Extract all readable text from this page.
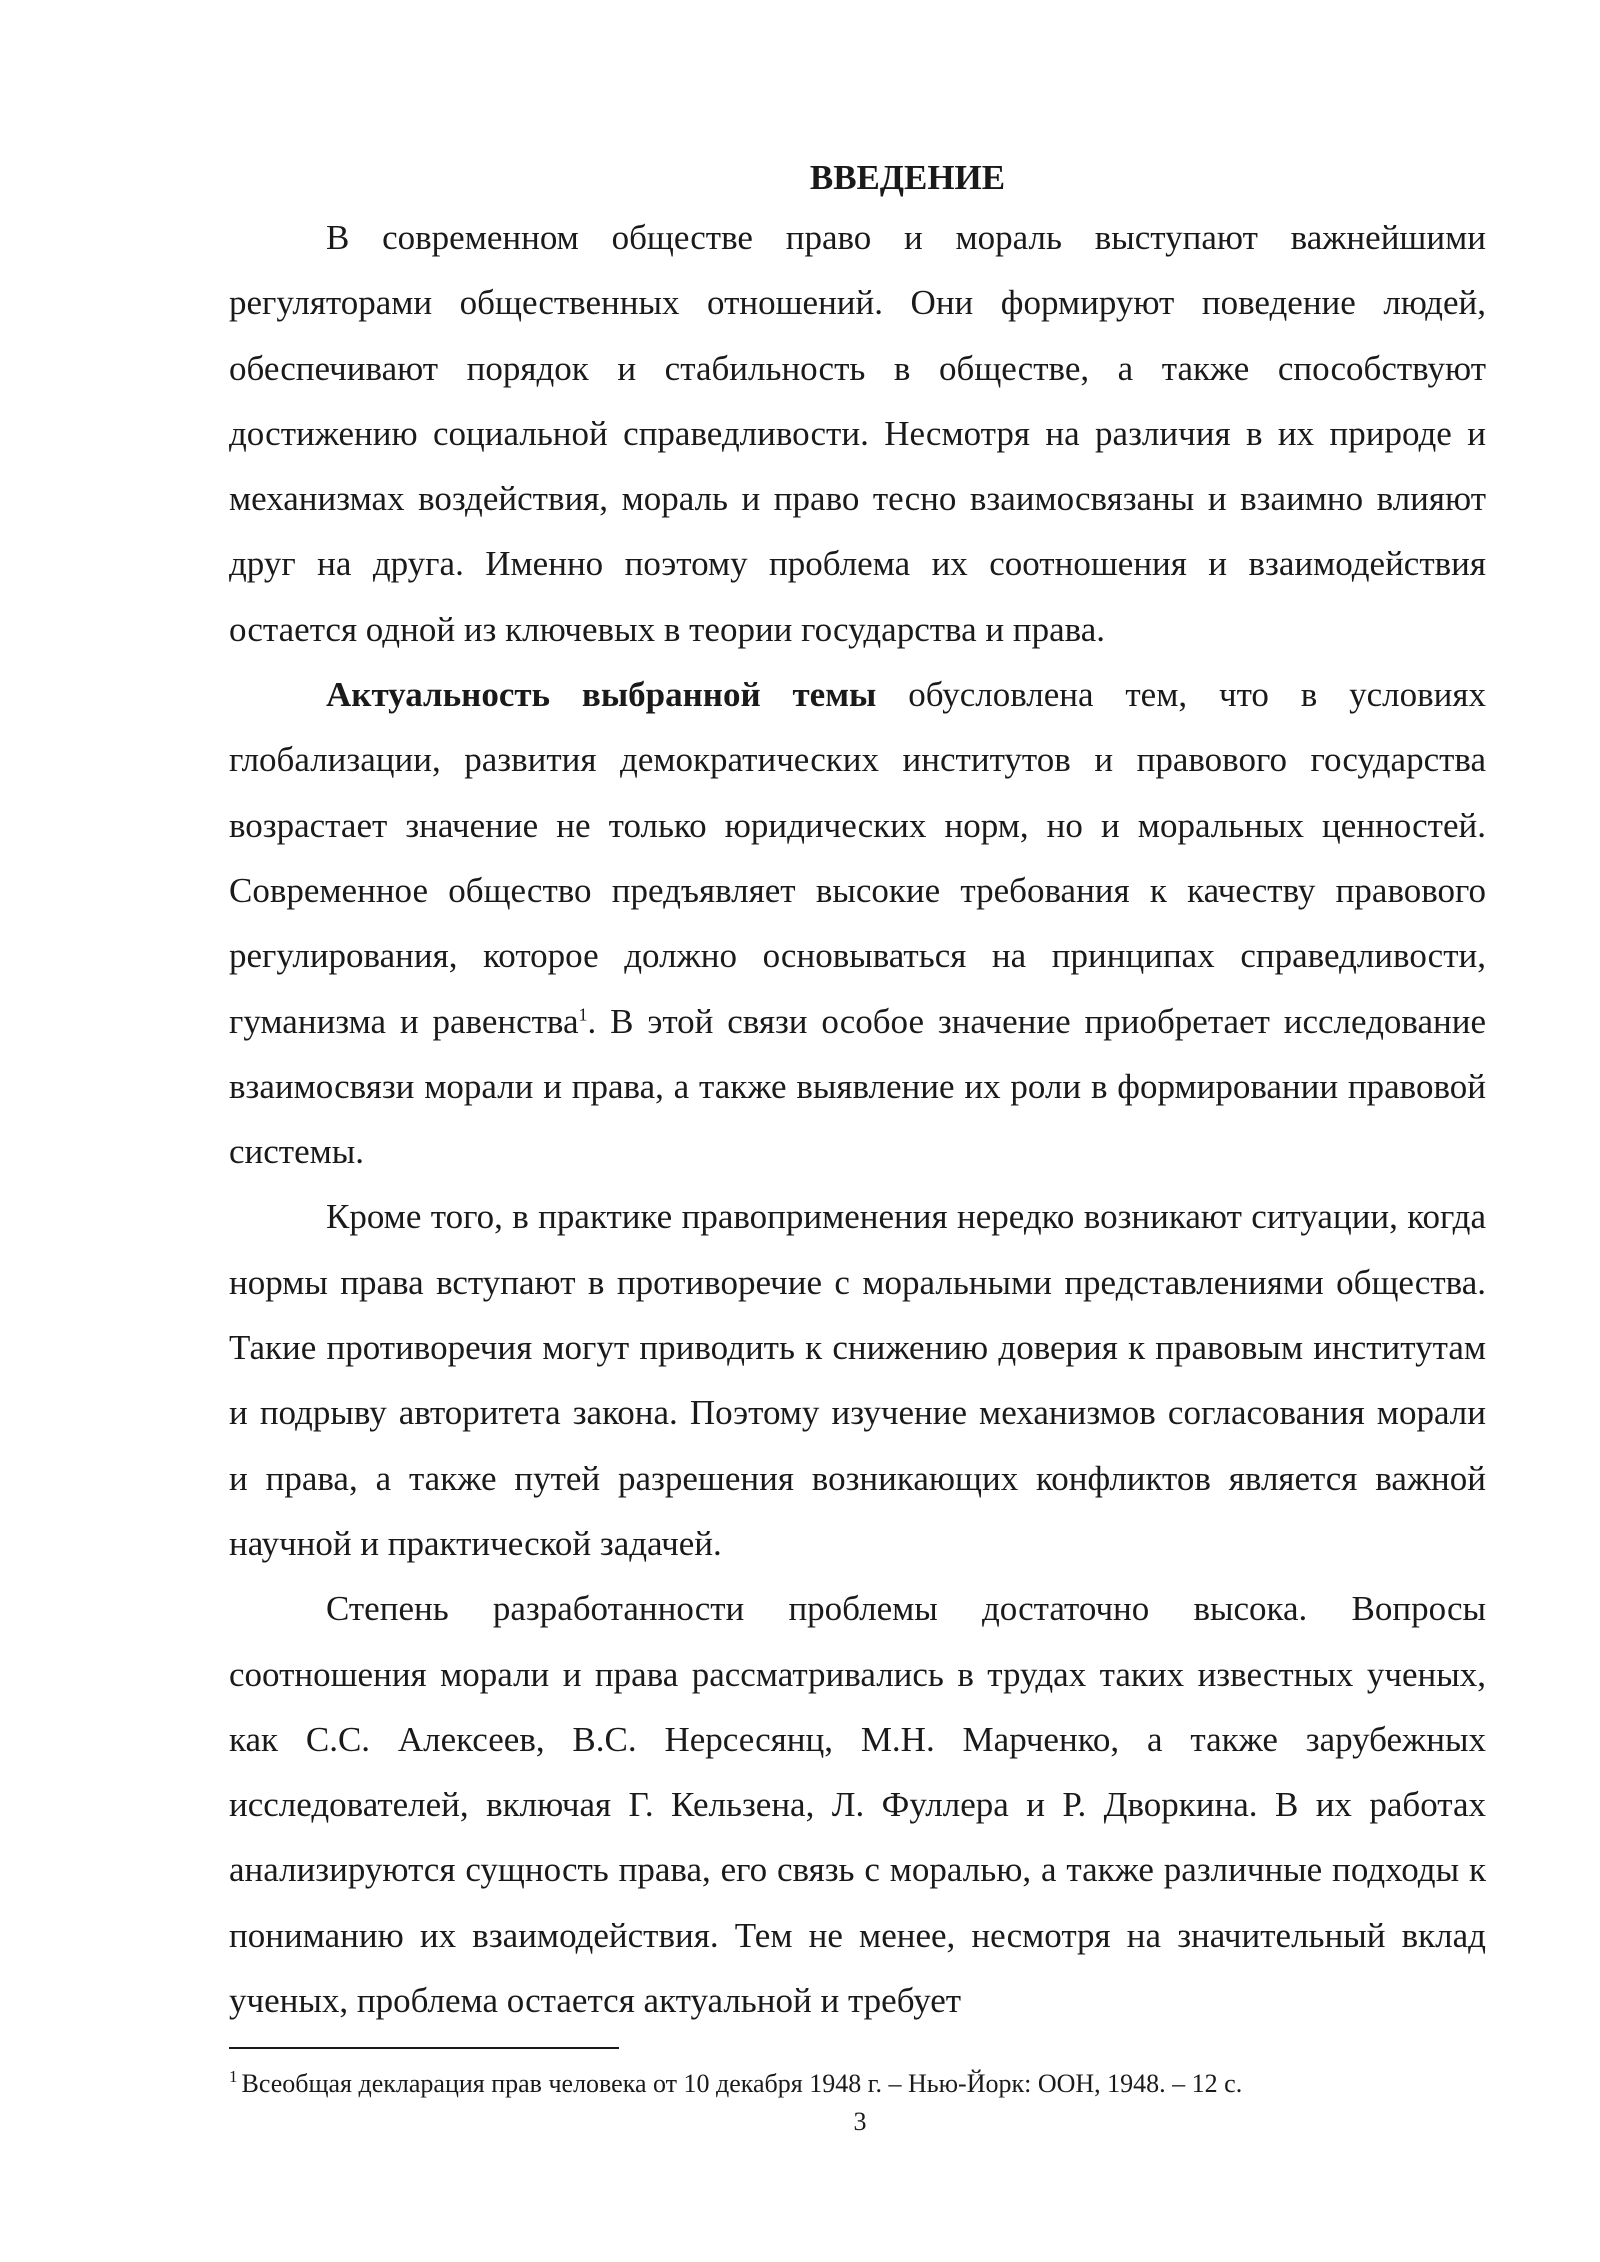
ВВЕДЕНИЕ

В современном обществе право и мораль выступают важнейшими регуляторами общественных отношений. Они формируют поведение людей, обеспечивают порядок и стабильность в обществе, а также способствуют достижению социальной справедливости. Несмотря на различия в их природе и механизмах воздействия, мораль и право тесно взаимосвязаны и взаимно влияют друг на друга. Именно поэтому проблема их соотношения и взаимодействия остается одной из ключевых в теории государства и права.

Актуальность выбранной темы обусловлена тем, что в условиях глобализации, развития демократических институтов и правового государства возрастает значение не только юридических норм, но и моральных ценностей. Современное общество предъявляет высокие требования к качеству правового регулирования, которое должно основываться на принципах справедливости, гуманизма и равенства$^1$. В этой связи особое значение приобретает исследование взаимосвязи морали и права, а также выявление их роли в формировании правовой системы.

Кроме того, в практике правоприменения нередко возникают ситуации, когда нормы права вступают в противоречие с моральными представлениями общества. Такие противоречия могут приводить к снижению доверия к правовым институтам и подрыву авторитета закона. Поэтому изучение механизмов согласования морали и права, а также путей разрешения возникающих конфликтов является важной научной и практической задачей.

Степень разработанности проблемы достаточно высока. Вопросы соотношения морали и права рассматривались в трудах таких известных ученых, как С.С. Алексеев, В.С. Нерсесянц, М.Н. Марченко, а также зарубежных исследователей, включая Г. Кельзена, Л. Фуллера и Р. Дворкина. В их работах анализируются сущность права, его связь с моралью, а также различные подходы к пониманию их взаимодействия. Тем не менее, несмотря на значительный вклад ученых, проблема остается актуальной и требует

$^1$ Всеобщая декларация прав человека от 10 декабря 1948 г. – Нью-Йорк: ООН, 1948. – 12 с.
3
